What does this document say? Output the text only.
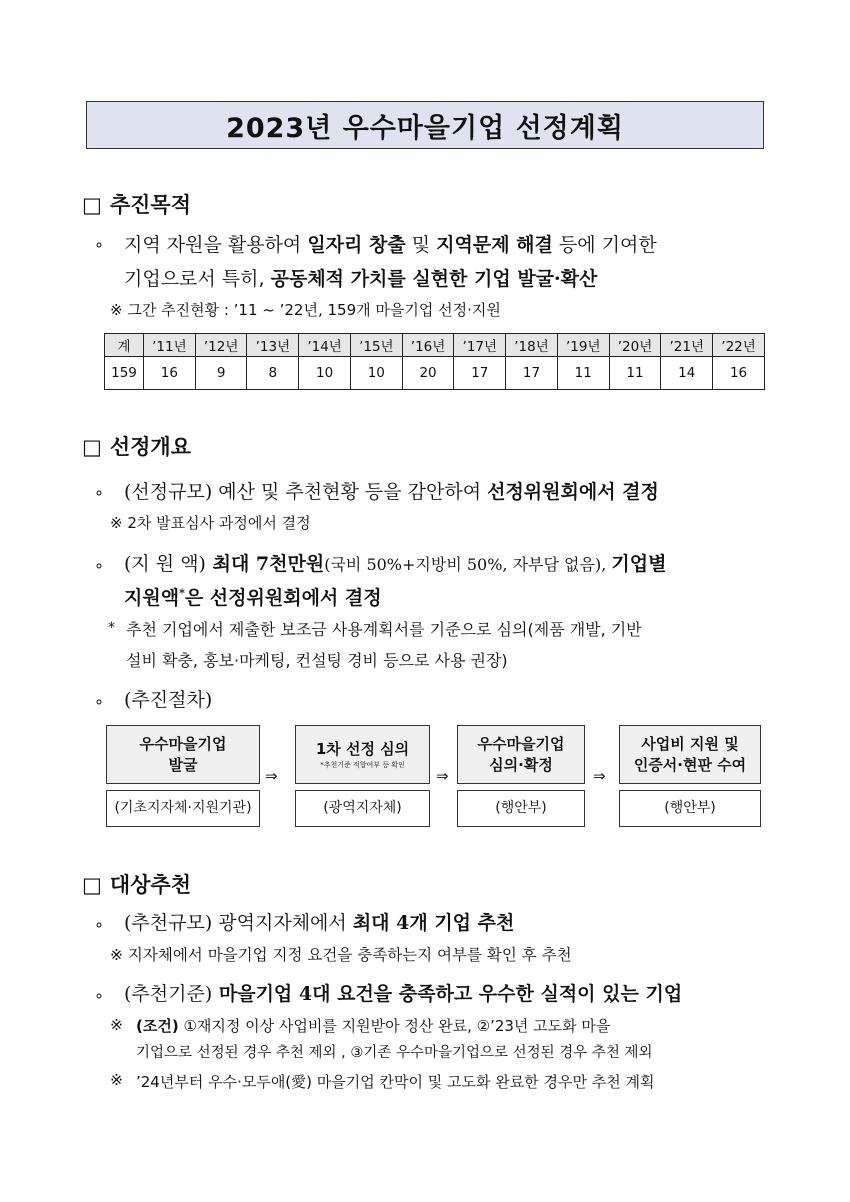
2023년 우수마을기업 선정계획
□ 추진목적
∘ 지역 자원을 활용하여 일자리 창출 및 지역문제 해결 등에 기여한
기업으로서 특히, 공동체적 가치를 실현한 기업 발굴·확산
※ 그간 추진현황 : ’11 ~ ’22년, 159개 마을기업 선정·지원
계	’11년	’12년	’13년	’14년	’15년	’16년	’17년	’18년	’19년	’20년	’21년	’22년
159	16	9	8	10	10	20	17	17	11	11	14	16
□ 선정개요
∘ (선정규모) 예산 및 추천현황 등을 감안하여 선정위원회에서 결정
※ 2차 발표심사 과정에서 결정
∘ (지 원 액) 최대 7천만원(국비 50%+지방비 50%, 자부담 없음), 기업별
지원액*은 선정위원회에서 결정
* 추천 기업에서 제출한 보조금 사용계획서를 기준으로 심의(제품 개발, 기반
설비 확충, 홍보·마케팅, 컨설팅 경비 등으로 사용 권장)
∘ (추진절차)
우수마을기업
발굴
⇒
1차 선정 심의
*추천기준 적합여부 등 확인
⇒
우수마을기업
심의·확정
⇒
사업비 지원 및
인증서·현판 수여
(기초지자체·지원기관)	(광역지자체)	(행안부)	(행안부)
□ 대상추천
∘ (추천규모) 광역지자체에서 최대 4개 기업 추천
※ 지자체에서 마을기업 지정 요건을 충족하는지 여부를 확인 후 추천
∘ (추천기준) 마을기업 4대 요건을 충족하고 우수한 실적이 있는 기업
※ (조건) ①재지정 이상 사업비를 지원받아 정산 완료, ②’23년 고도화 마을
기업으로 선정된 경우 추천 제외 , ③기존 우수마을기업으로 선정된 경우 추천 제외
※ ’24년부터 우수·모두애(愛) 마을기업 칸막이 및 고도화 완료한 경우만 추천 계획
